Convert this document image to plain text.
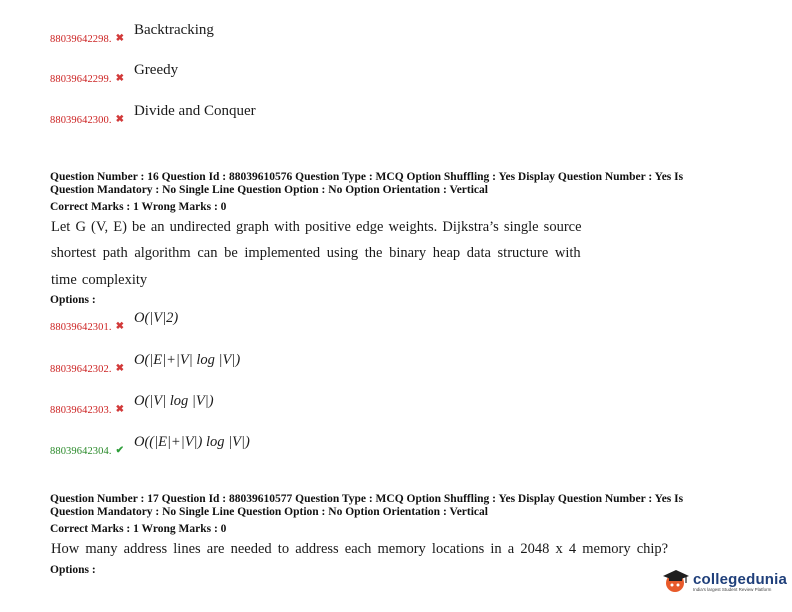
88039642298. ✖
Backtracking
88039642299. ✖
Greedy
88039642300. ✖
Divide and Conquer
Question Number : 16 Question Id : 88039610576 Question Type : MCQ Option Shuffling : Yes Display Question Number : Yes Is
Question Mandatory : No Single Line Question Option : No Option Orientation : Vertical
Correct Marks : 1 Wrong Marks : 0
Let G (V, E) be an undirected graph with positive edge weights. Dijkstra’s single source
shortest path algorithm can be implemented using the binary heap data structure with
time complexity
Options :
88039642301. ✖
O(|V|2)
88039642302. ✖
O(|E|+|V| log |V|)
88039642303. ✖
O(|V| log |V|)
88039642304. ✔
O((|E|+|V|) log |V|)
Question Number : 17 Question Id : 88039610577 Question Type : MCQ Option Shuffling : Yes Display Question Number : Yes Is
Question Mandatory : No Single Line Question Option : No Option Orientation : Vertical
Correct Marks : 1 Wrong Marks : 0
How many address lines are needed to address each memory locations in a 2048 x 4 memory chip?
Options :
collegedunia
India's largest Student Review Platform
